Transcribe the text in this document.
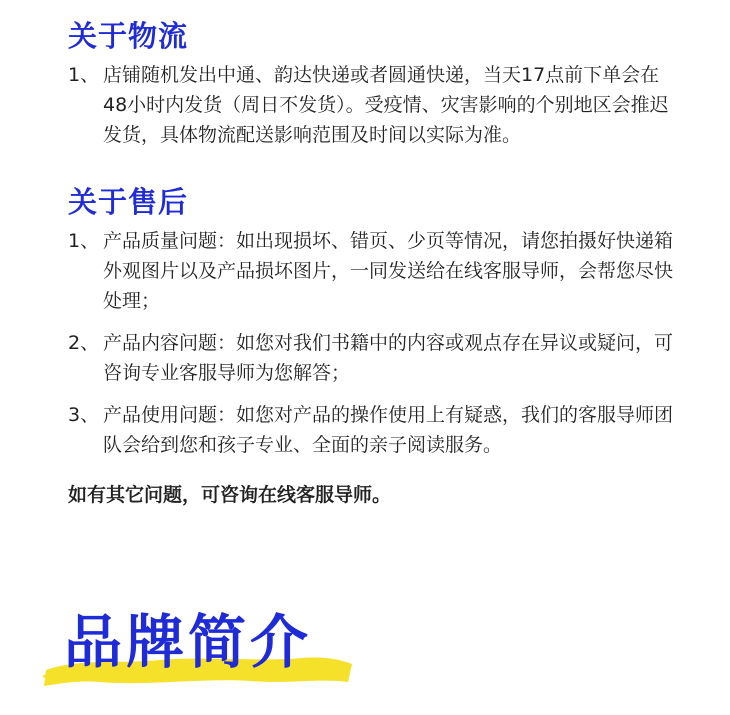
关于物流
1、 店铺随机发出中通、韵达快递或者圆通快递，当天17点前下单会在48小时内发货（周日不发货）。受疫情、灾害影响的个别地区会推迟发货，具体物流配送影响范围及时间以实际为准。
关于售后
1、 产品质量问题：如出现损坏、错页、少页等情况，请您拍摄好快递箱外观图片以及产品损坏图片，一同发送给在线客服导师，会帮您尽快处理；
2、 产品内容问题：如您对我们书籍中的内容或观点存在异议或疑问，可咨询专业客服导师为您解答；
3、 产品使用问题：如您对产品的操作使用上有疑惑，我们的客服导师团队会给到您和孩子专业、全面的亲子阅读服务。

如有其它问题，可咨询在线客服导师。

品牌简介
